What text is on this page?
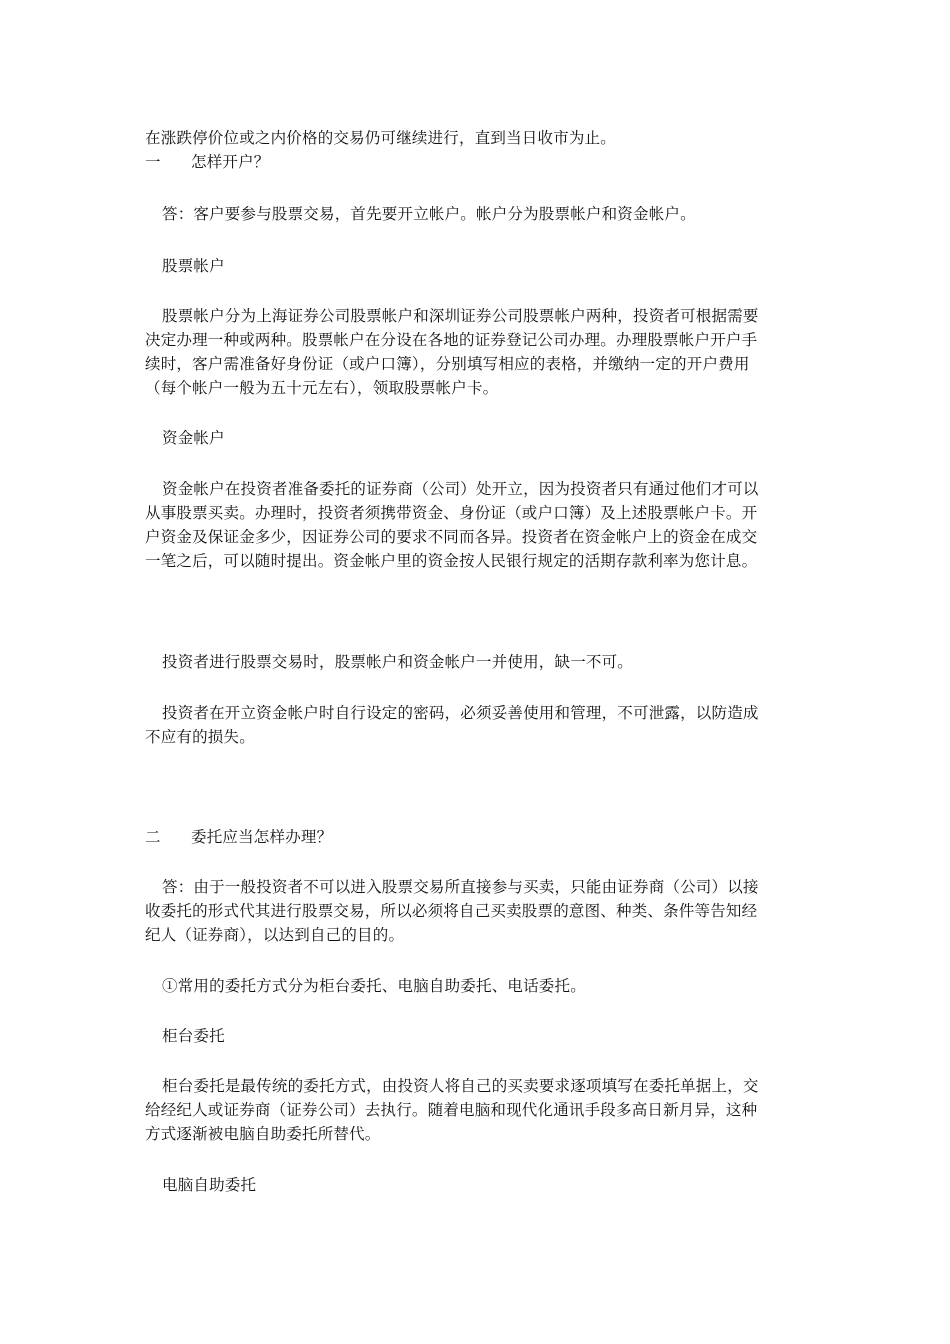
在涨跌停价位或之内价格的交易仍可继续进行，直到当日收市为止。
一 怎样开户？
答：客户要参与股票交易，首先要开立帐户。帐户分为股票帐户和资金帐户。
股票帐户
股票帐户分为上海证券公司股票帐户和深圳证券公司股票帐户两种，投资者可根据需要
决定办理一种或两种。股票帐户在分设在各地的证券登记公司办理。办理股票帐户开户手
续时，客户需准备好身份证（或户口簿），分别填写相应的表格，并缴纳一定的开户费用
（每个帐户一般为五十元左右），领取股票帐户卡。
资金帐户
资金帐户在投资者准备委托的证券商（公司）处开立，因为投资者只有通过他们才可以
从事股票买卖。办理时，投资者须携带资金、身份证（或户口簿）及上述股票帐户卡。开
户资金及保证金多少，因证券公司的要求不同而各异。投资者在资金帐户上的资金在成交
一笔之后，可以随时提出。资金帐户里的资金按人民银行规定的活期存款利率为您计息。
投资者进行股票交易时，股票帐户和资金帐户一并使用，缺一不可。
投资者在开立资金帐户时自行设定的密码，必须妥善使用和管理，不可泄露，以防造成
不应有的损失。
二 委托应当怎样办理？
答：由于一般投资者不可以进入股票交易所直接参与买卖，只能由证券商（公司）以接
收委托的形式代其进行股票交易，所以必须将自己买卖股票的意图、种类、条件等告知经
纪人（证券商），以达到自己的目的。
①常用的委托方式分为柜台委托、电脑自助委托、电话委托。
柜台委托
柜台委托是最传统的委托方式，由投资人将自己的买卖要求逐项填写在委托单据上，交
给经纪人或证券商（证券公司）去执行。随着电脑和现代化通讯手段多高日新月异，这种
方式逐渐被电脑自助委托所替代。
电脑自助委托
